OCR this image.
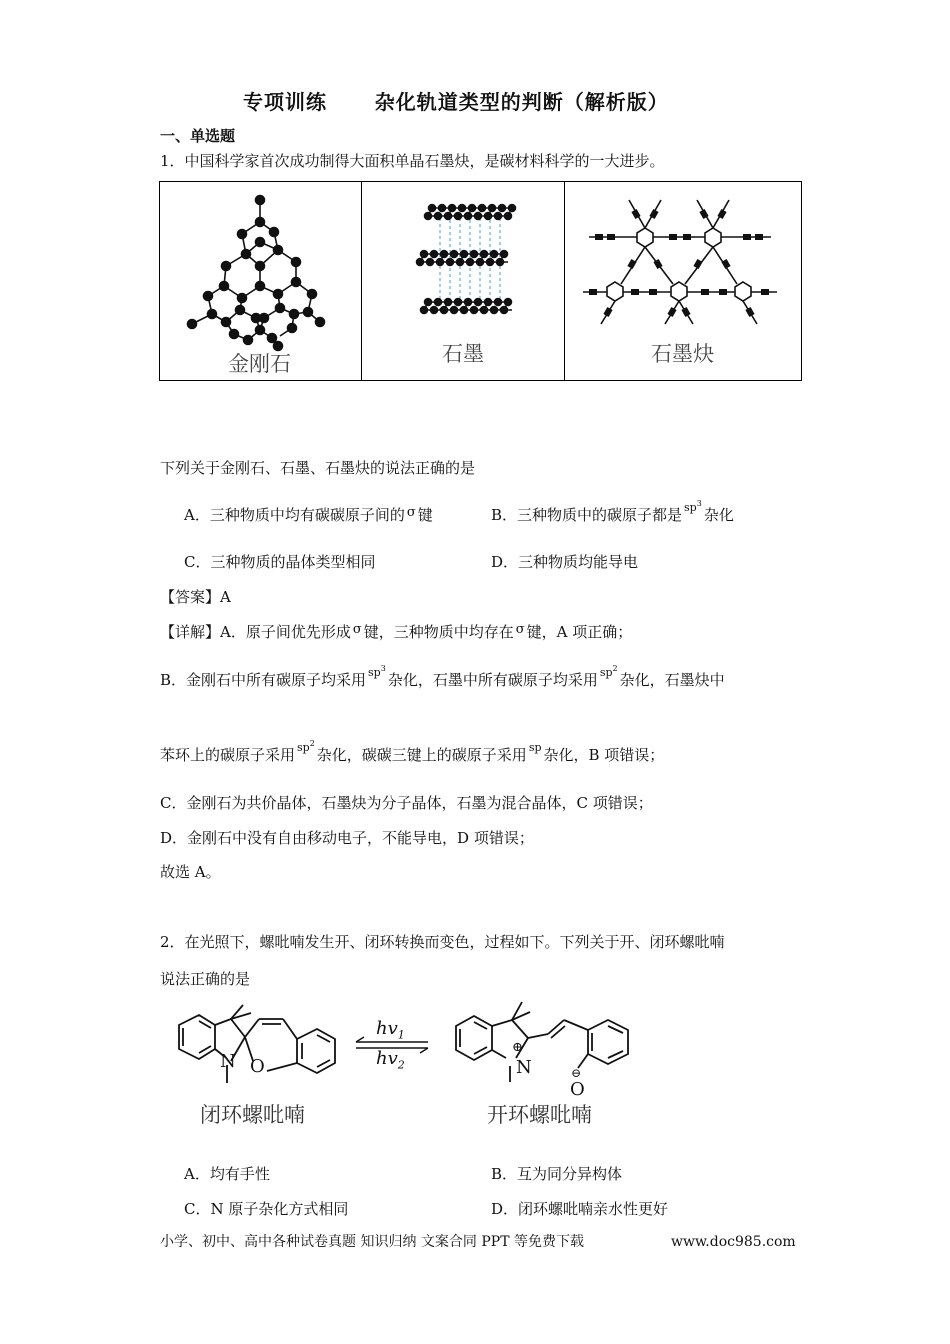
专项训练      杂化轨道类型的判断（解析版）
一、单选题
1．中国科学家首次成功制得大面积单晶石墨炔，是碳材料科学的一大进步。
金刚石	石墨	石墨炔
下列关于金刚石、石墨、石墨炔的说法正确的是
A．三种物质中均有碳碳原子间的 σ 键	B．三种物质中的碳原子都是 $^{sp^3}$杂化
C．三种物质的晶体类型相同	D．三种物质均能导电
【答案】A
【详解】A．原子间优先形成 σ 键，三种物质中均存在 σ 键，A 项正确；
B．金刚石中所有碳原子均采用 $^{sp^3}$杂化，石墨中所有碳原子均采用 $^{sp^2}$杂化，石墨炔中
苯环上的碳原子采用 $^{sp^2}$杂化，碳碳三键上的碳原子采用 $^{sp}$ 杂化，B 项错误；
C．金刚石为共价晶体，石墨炔为分子晶体，石墨为混合晶体，C 项错误；
D．金刚石中没有自由移动电子，不能导电，D 项错误；
故选 A。
2．在光照下，螺吡喃发生开、闭环转换而变色，过程如下。下列关于开、闭环螺吡喃
说法正确的是
N O
闭环螺吡喃
$hv_1$
$hv_2$	N
⊕
O
⊖
开环螺吡喃
A．均有手性	B．互为同分异构体
C．N 原子杂化方式相同	D．闭环螺吡喃亲水性更好
小学、初中、高中各种试卷真题 知识归纳 文案合同 PPT 等免费下载	www.doc985.com
